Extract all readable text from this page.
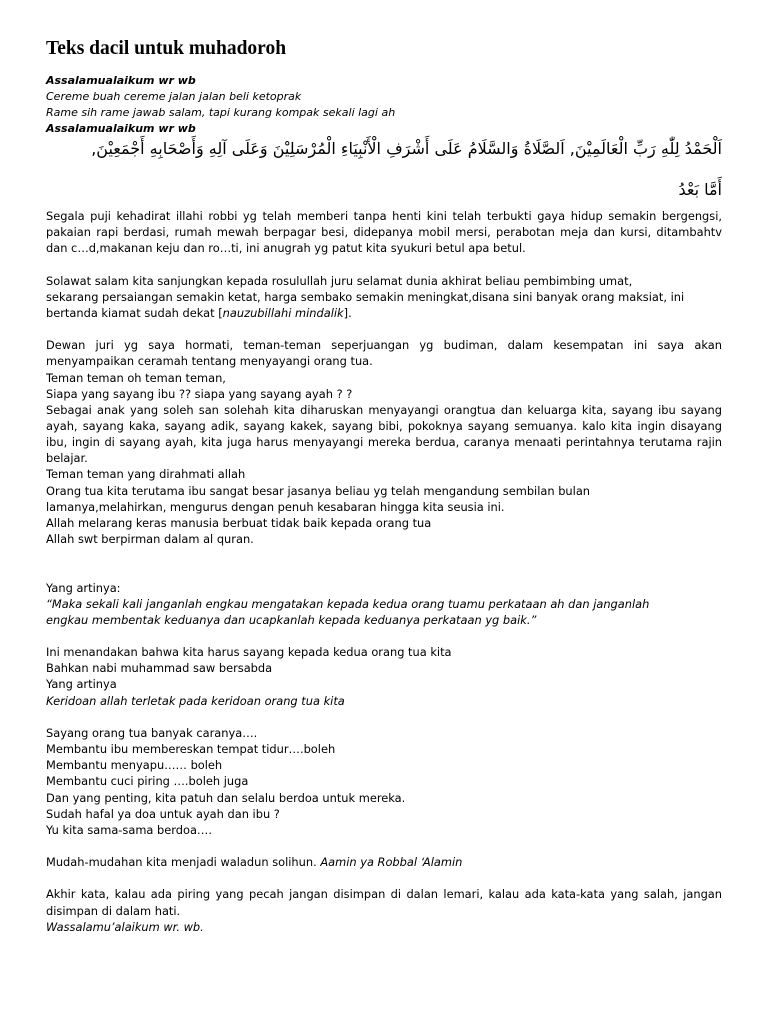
Teks dacil untuk muhadoroh

Assalamualaikum wr wb

Cereme buah cereme jalan jalan beli ketoprak

Rame sih rame jawab salam, tapi kurang kompak sekali lagi ah

Assalamualaikum wr wb

اَلْحَمْدُ لِلّٰهِ رَبِّ الْعَالَمِيْنَ, اَلصَّلَاةُ وَالسَّلَامُ عَلَى أَشْرَفِ الْأَنْبِيَاءِ الْمُرْسَلِيْنَ وَعَلَى آلِهِ وَأَصْحَابِهِ أَجْمَعِيْنَ,
أَمَّا بَعْدُ

Segala puji kehadirat illahi robbi yg telah memberi tanpa henti kini telah terbukti gaya hidup semakin bergengsi, pakaian rapi berdasi, rumah mewah berpagar besi, didepanya mobil mersi, perabotan meja dan kursi, ditambahtv dan c…d,makanan keju dan ro…ti, ini anugrah yg patut kita syukuri betul apa betul.

Solawat salam kita sanjungkan kepada rosulullah juru selamat dunia akhirat beliau pembimbing umat,

sekarang persaiangan semakin ketat, harga sembako semakin meningkat,disana sini banyak orang maksiat, ini

bertanda kiamat sudah dekat [nauzubillahi mindalik].

Dewan juri yg saya hormati, teman-teman seperjuangan yg budiman, dalam kesempatan ini saya akan menyampaikan ceramah tentang menyayangi orang tua.

Teman teman oh teman teman,

Siapa yang sayang ibu ?? siapa yang sayang ayah ? ?

Sebagai anak yang soleh san solehah kita diharuskan menyayangi orangtua dan keluarga kita, sayang ibu sayang ayah, sayang kaka, sayang adik, sayang kakek, sayang bibi, pokoknya sayang semuanya. kalo kita ingin disayang ibu, ingin di sayang ayah, kita juga harus menyayangi mereka berdua, caranya menaati perintahnya terutama rajin belajar.

Teman teman yang dirahmati allah

Orang tua kita terutama ibu sangat besar jasanya beliau yg telah mengandung sembilan bulan

lamanya,melahirkan, mengurus dengan penuh kesabaran hingga kita seusia ini.

Allah melarang keras manusia berbuat tidak baik kepada orang tua

Allah swt berpirman dalam al quran.

Yang artinya:

“Maka sekali kali janganlah engkau mengatakan kepada kedua orang tuamu perkataan ah dan janganlah

engkau membentak keduanya dan ucapkanlah kepada keduanya perkataan yg baik.”

Ini menandakan bahwa kita harus sayang kepada kedua orang tua kita

Bahkan nabi muhammad saw bersabda

Yang artinya

Keridoan allah terletak pada keridoan orang tua kita

Sayang orang tua banyak caranya….

Membantu ibu membereskan tempat tidur….boleh

Membantu menyapu…… boleh

Membantu cuci piring ….boleh juga

Dan yang penting, kita patuh dan selalu berdoa untuk mereka.

Sudah hafal ya doa untuk ayah dan ibu ?

Yu kita sama-sama berdoa….

Mudah-mudahan kita menjadi waladun solihun. Aamin ya Robbal ‘Alamin

Akhir kata, kalau ada piring yang pecah jangan disimpan di dalan lemari, kalau ada kata-kata yang salah, jangan disimpan di dalam hati.

Wassalamu’alaikum wr. wb.
